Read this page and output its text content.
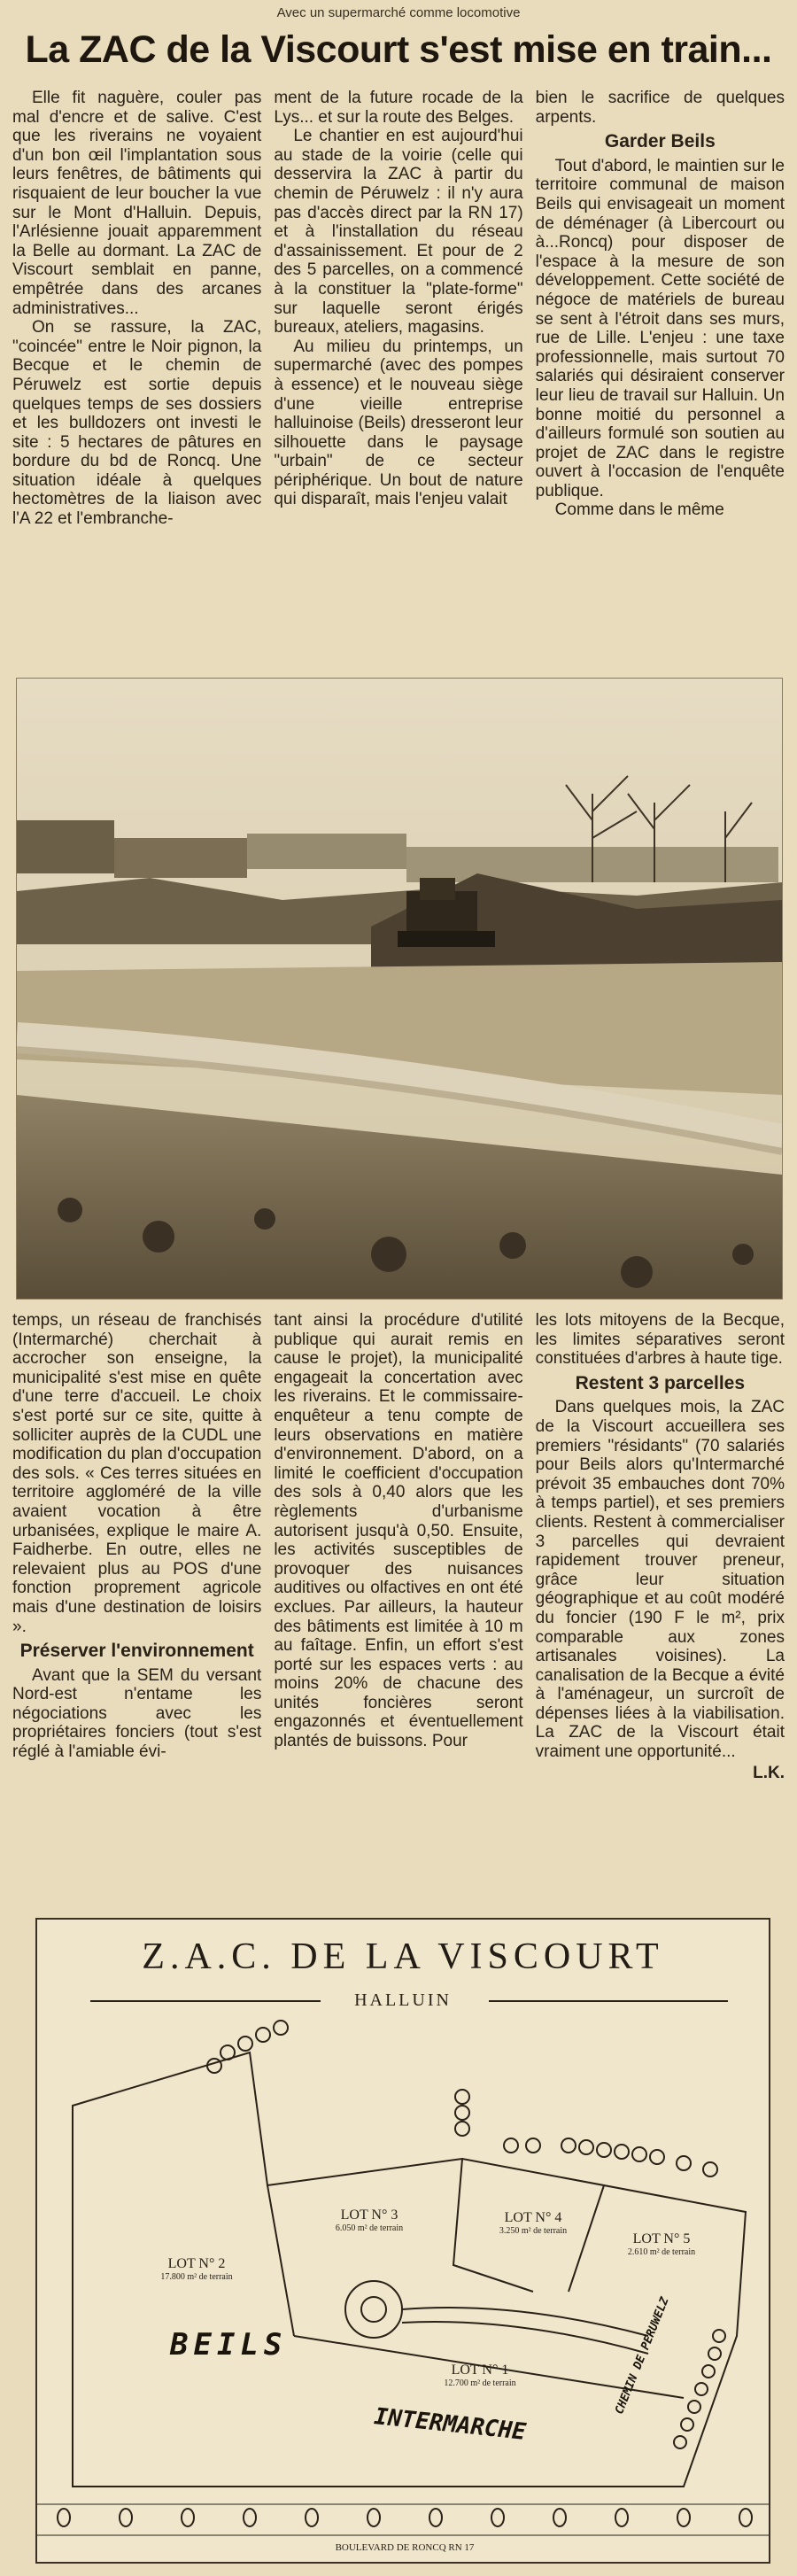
Avec un supermarché comme locomotive
La ZAC de la Viscourt s'est mise en train...

Elle fit naguère, couler pas mal d'encre et de salive. C'est que les riverains ne voyaient d'un bon œil l'implantation sous leurs fenêtres, de bâtiments qui risquaient de leur boucher la vue sur le Mont d'Halluin. Depuis, l'Arlésienne jouait apparemment la Belle au dormant. La ZAC de Viscourt semblait en panne, empêtrée dans des arcanes administratives...

On se rassure, la ZAC, "coincée" entre le Noir pignon, la Becque et le chemin de Péruwelz est sortie depuis quelques temps de ses dossiers et les bulldozers ont investi le site : 5 hectares de pâtures en bordure du bd de Roncq. Une situation idéale à quelques hectomètres de la liaison avec l'A 22 et l'embranche-

ment de la future rocade de la Lys... et sur la route des Belges.

Le chantier en est aujourd'hui au stade de la voirie (celle qui desservira la ZAC à partir du chemin de Péruwelz : il n'y aura pas d'accès direct par la RN 17) et à l'installation du réseau d'assainissement. Et pour de 2 des 5 parcelles, on a commencé à la constituer la "plate-forme" sur laquelle seront érigés bureaux, ateliers, magasins.

Au milieu du printemps, un supermarché (avec des pompes à essence) et le nouveau siège d'une vieille entreprise halluinoise (Beils) dresseront leur silhouette dans le paysage "urbain" de ce secteur périphérique. Un bout de nature qui disparaît, mais l'enjeu valait

bien le sacrifice de quelques arpents.

Garder Beils

Tout d'abord, le maintien sur le territoire communal de maison Beils qui envisageait un moment de déménager (à Libercourt ou à...Roncq) pour disposer de l'espace à la mesure de son développement. Cette société de négoce de matériels de bureau se sent à l'étroit dans ses murs, rue de Lille. L'enjeu : une taxe professionnelle, mais surtout 70 salariés qui désiraient conserver leur lieu de travail sur Halluin. Un bonne moitié du personnel a d'ailleurs formulé son soutien au projet de ZAC dans le registre ouvert à l'occasion de l'enquête publique.

Comme dans le même

temps, un réseau de franchisés (Intermarché) cherchait à accrocher son enseigne, la municipalité s'est mise en quête d'une terre d'accueil. Le choix s'est porté sur ce site, quitte à solliciter auprès de la CUDL une modification du plan d'occupation des sols. « Ces terres situées en territoire aggloméré de la ville avaient vocation à être urbanisées, explique le maire A. Faidherbe. En outre, elles ne relevaient plus au POS d'une fonction proprement agricole mais d'une destination de loisirs ».

Préserver l'environnement

Avant que la SEM du versant Nord-est n'entame les négociations avec les propriétaires fonciers (tout s'est réglé à l'amiable évi-

tant ainsi la procédure d'utilité publique qui aurait remis en cause le projet), la municipalité engageait la concertation avec les riverains. Et le commissaire-enquêteur a tenu compte de leurs observations en matière d'environnement. D'abord, on a limité le coefficient d'occupation des sols à 0,40 alors que les règlements d'urbanisme autorisent jusqu'à 0,50. Ensuite, les activités susceptibles de provoquer des nuisances auditives ou olfactives en ont été exclues. Par ailleurs, la hauteur des bâtiments est limitée à 10 m au faîtage. Enfin, un effort s'est porté sur les espaces verts : au moins 20% de chacune des unités foncières seront engazonnés et éventuellement plantés de buissons. Pour

les lots mitoyens de la Becque, les limites séparatives seront constituées d'arbres à haute tige.

Restent 3 parcelles

Dans quelques mois, la ZAC de la Viscourt accueillera ses premiers "résidants" (70 salariés pour Beils alors qu'Intermarché prévoit 35 embauches dont 70% à temps partiel), et ses premiers clients. Restent à commercialiser 3 parcelles qui devraient rapidement trouver preneur, grâce leur situation géographique et au coût modéré du foncier (190 F le m², prix comparable aux zones artisanales voisines). La canalisation de la Becque a évité à l'aménageur, un surcroît de dépenses liées à la viabilisation. La ZAC de la Viscourt était vraiment une opportunité...

L.K.
Z.A.C. DE LA VISCOURT
HALLUIN
LOT N° 2
17.800 m² de terrain
LOT N° 3
6.050 m² de terrain
LOT N° 4
3.250 m² de terrain
LOT N° 5
2.610 m² de terrain
LOT N° 1
12.700 m² de terrain
BEILS
INTERMARCHE
BOULEVARD DE RONCQ RN 17
CHEMIN DE PERUWELZ
